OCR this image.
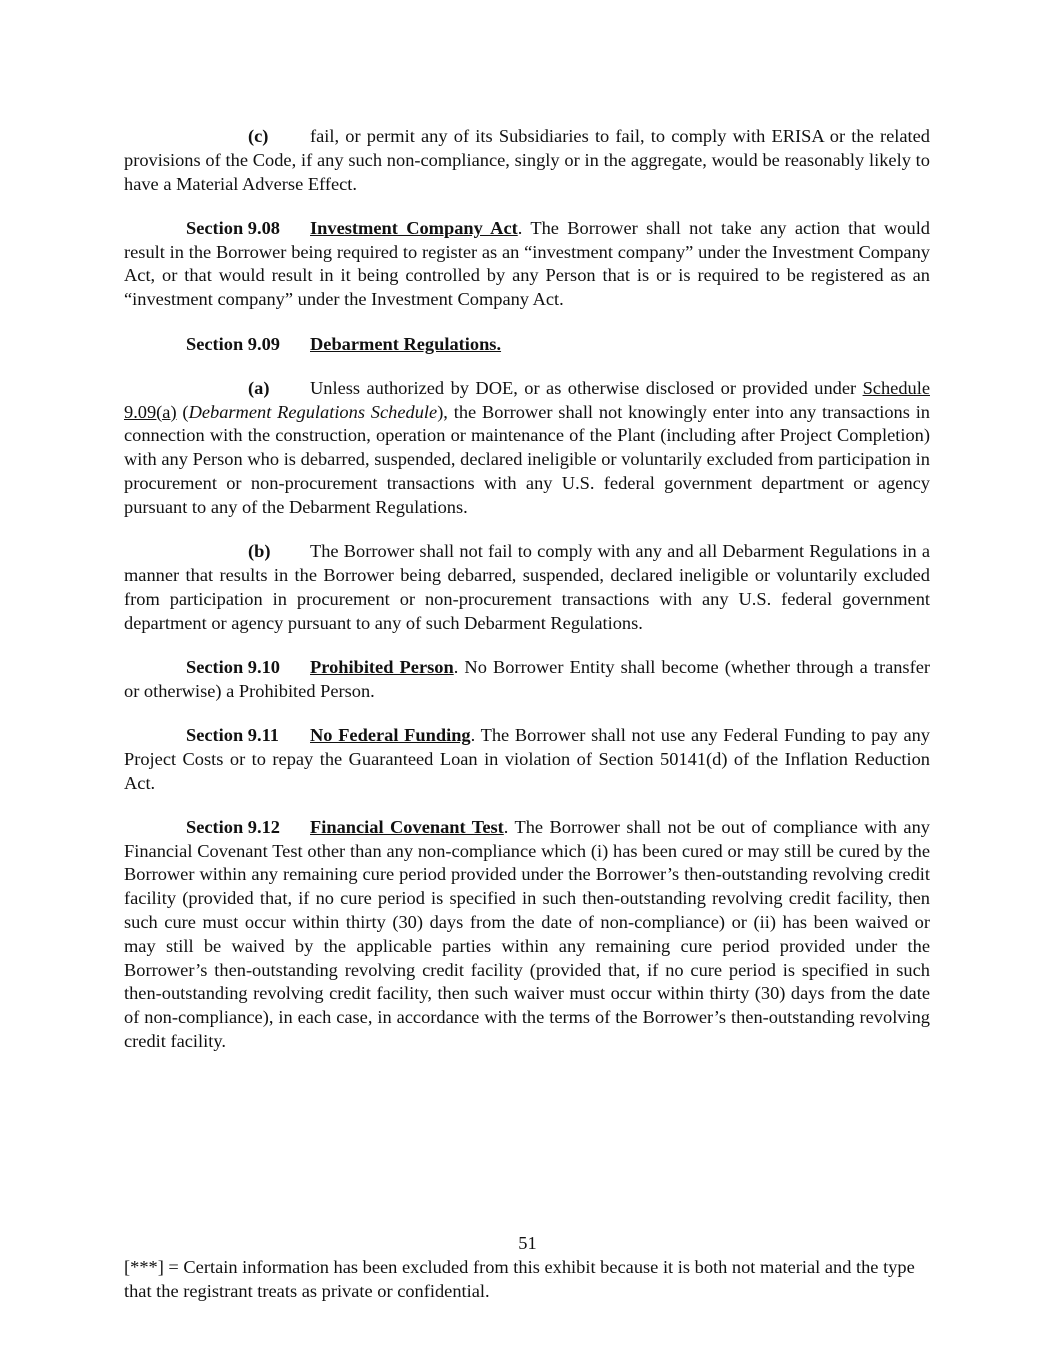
(c) fail, or permit any of its Subsidiaries to fail, to comply with ERISA or the related provisions of the Code, if any such non-compliance, singly or in the aggregate, would be reasonably likely to have a Material Adverse Effect.

Section 9.08 Investment Company Act. The Borrower shall not take any action that would result in the Borrower being required to register as an “investment company” under the Investment Company Act, or that would result in it being controlled by any Person that is or is required to be registered as an “investment company” under the Investment Company Act.

Section 9.09 Debarment Regulations.

(a) Unless authorized by DOE, or as otherwise disclosed or provided under Schedule 9.09(a) (Debarment Regulations Schedule), the Borrower shall not knowingly enter into any transactions in connection with the construction, operation or maintenance of the Plant (including after Project Completion) with any Person who is debarred, suspended, declared ineligible or voluntarily excluded from participation in procurement or non-procurement transactions with any U.S. federal government department or agency pursuant to any of the Debarment Regulations.

(b) The Borrower shall not fail to comply with any and all Debarment Regulations in a manner that results in the Borrower being debarred, suspended, declared ineligible or voluntarily excluded from participation in procurement or non-procurement transactions with any U.S. federal government department or agency pursuant to any of such Debarment Regulations.

Section 9.10 Prohibited Person. No Borrower Entity shall become (whether through a transfer or otherwise) a Prohibited Person.

Section 9.11 No Federal Funding. The Borrower shall not use any Federal Funding to pay any Project Costs or to repay the Guaranteed Loan in violation of Section 50141(d) of the Inflation Reduction Act.

Section 9.12 Financial Covenant Test. The Borrower shall not be out of compliance with any Financial Covenant Test other than any non-compliance which (i) has been cured or may still be cured by the Borrower within any remaining cure period provided under the Borrower’s then-outstanding revolving credit facility (provided that, if no cure period is specified in such then-outstanding revolving credit facility, then such cure must occur within thirty (30) days from the date of non-compliance) or (ii) has been waived or may still be waived by the applicable parties within any remaining cure period provided under the Borrower’s then-outstanding revolving credit facility (provided that, if no cure period is specified in such then-outstanding revolving credit facility, then such waiver must occur within thirty (30) days from the date of non-compliance), in each case, in accordance with the terms of the Borrower’s then-outstanding revolving credit facility.

51
[***] = Certain information has been excluded from this exhibit because it is both not material and the type that the registrant treats as private or confidential.
